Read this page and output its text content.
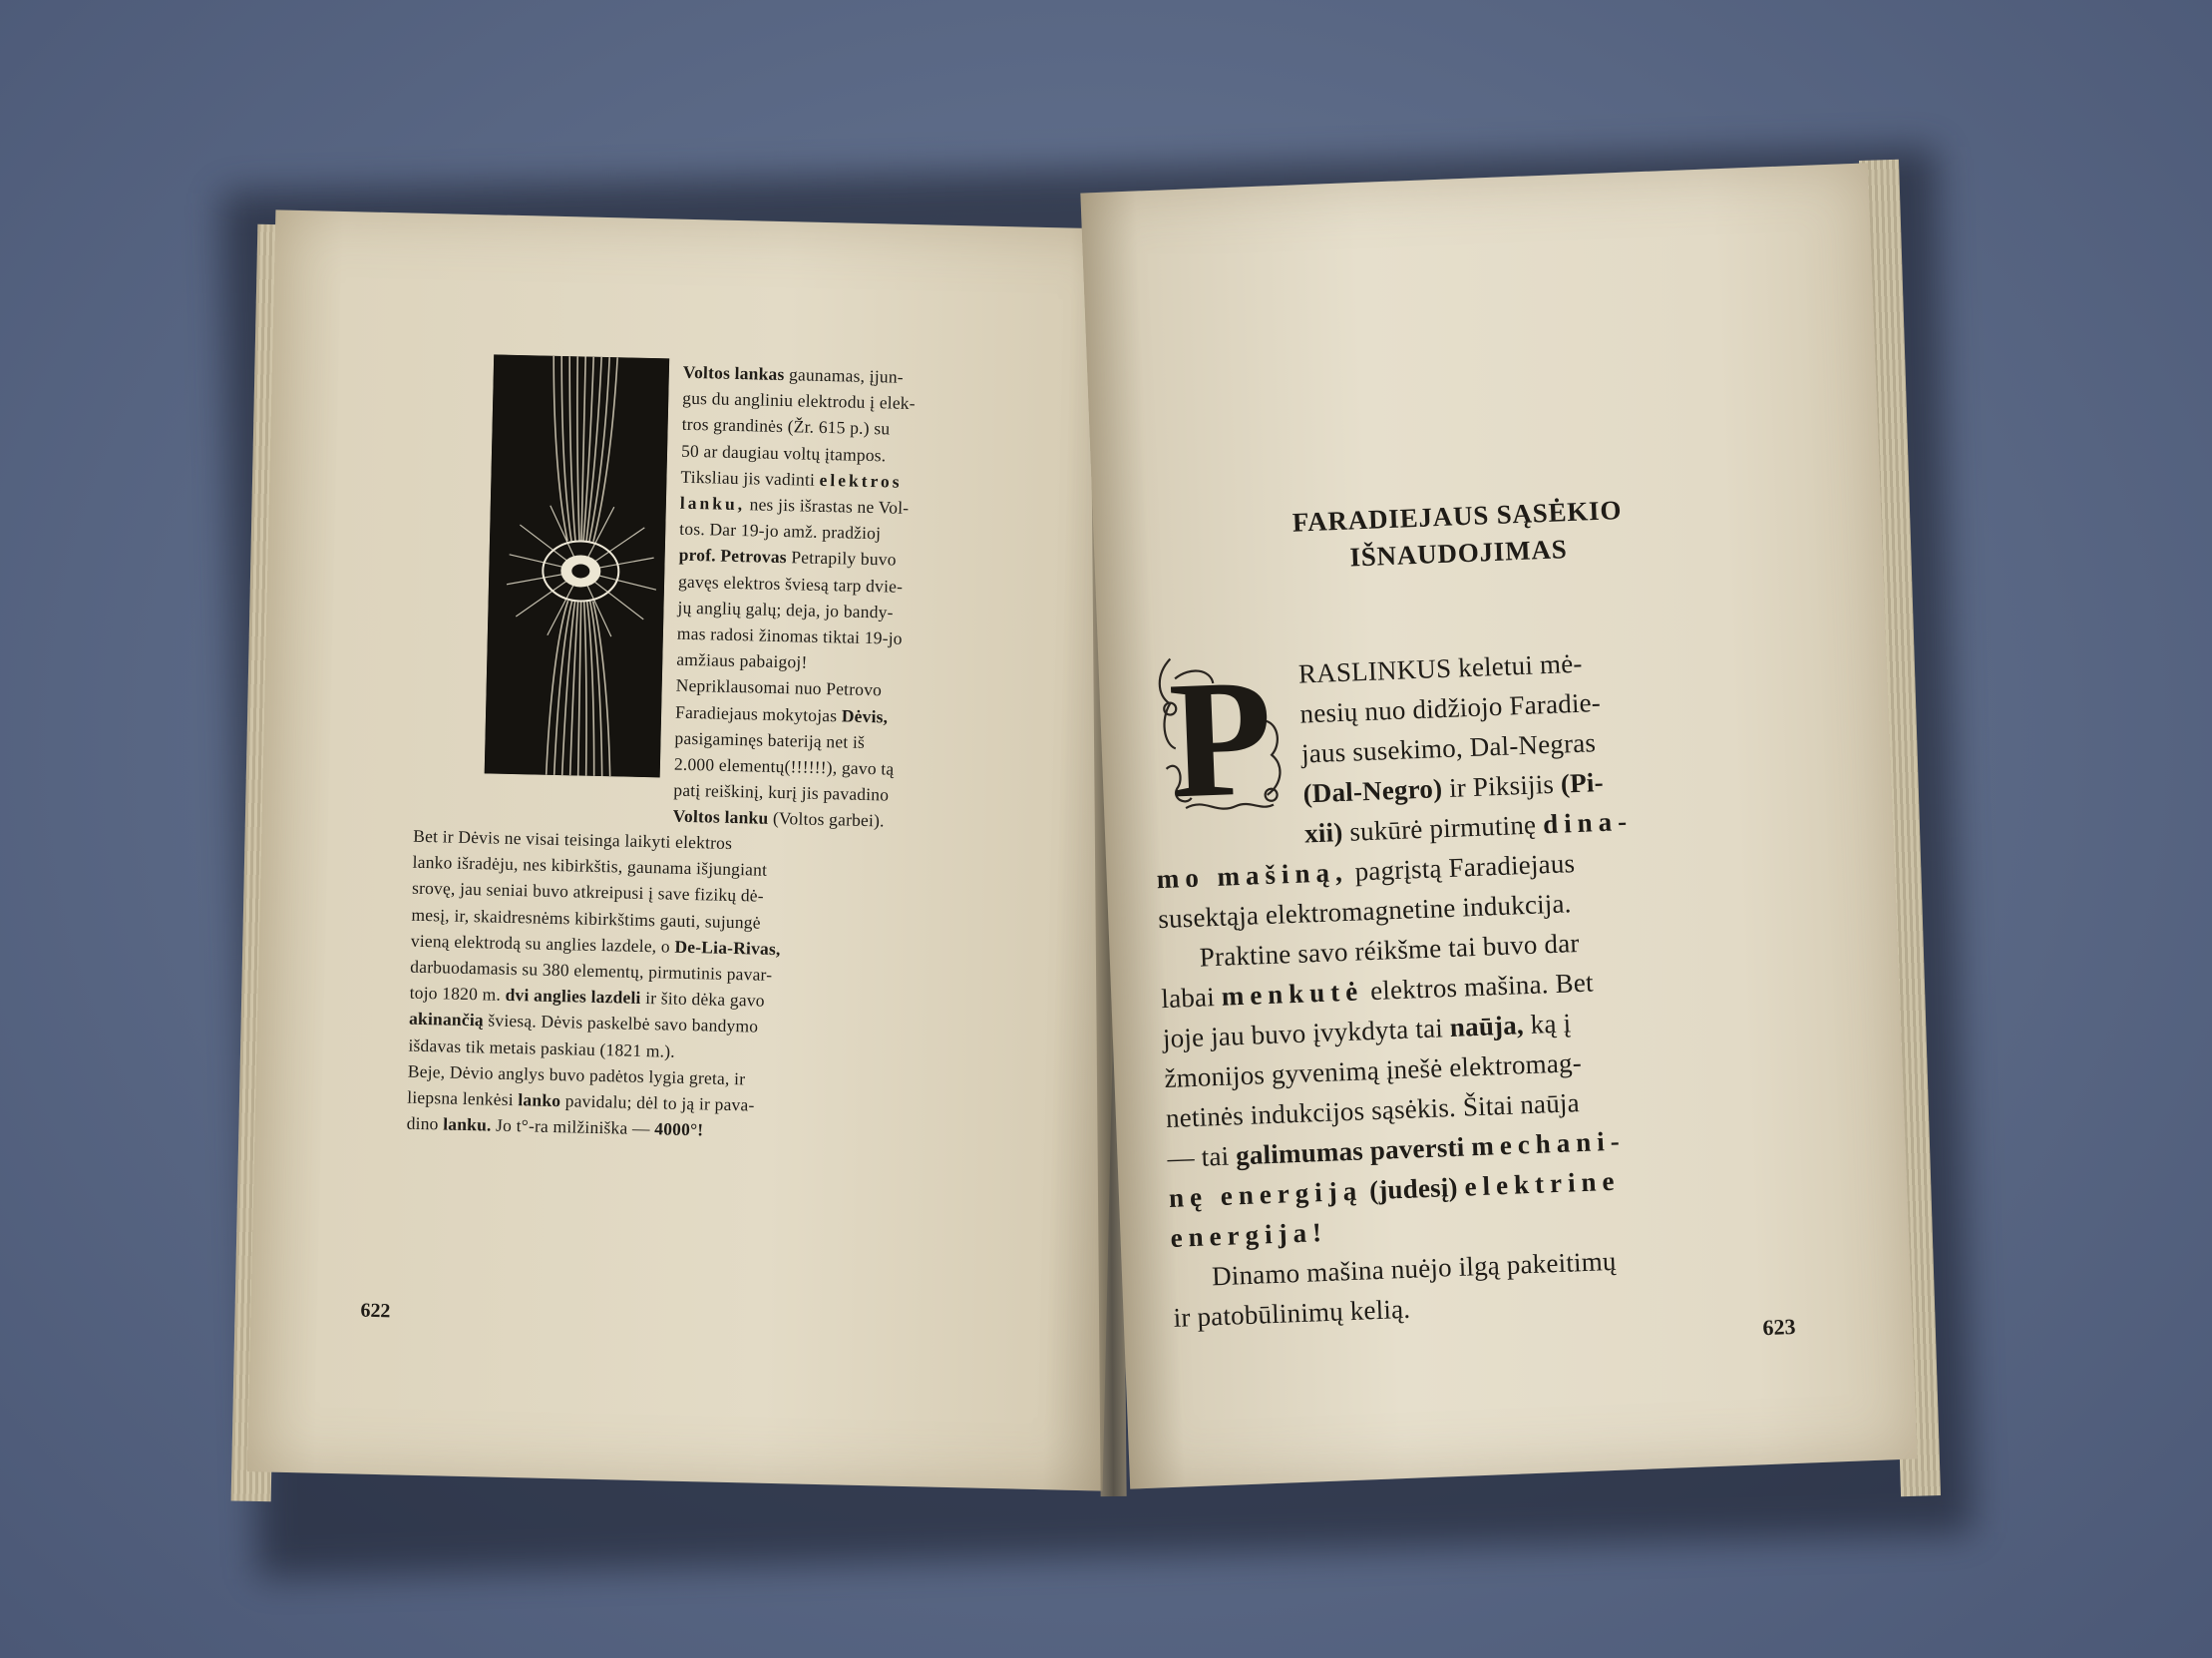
Voltos lankas gaunamas, įjun-
gus du angliniu elektrodu į elek-
tros grandinės (Žr. 615 p.) su
50 ar daugiau voltų įtampos.
Tiksliau jis vadinti elektros
lanku, nes jis išrastas ne Vol-
tos. Dar 19-jo amž. pradžioj
prof. Petrovas Petrapily buvo
gavęs elektros šviesą tarp dvie-
jų anglių galų; deja, jo bandy-
mas radosi žinomas tiktai 19-jo
amžiaus pabaigoj!
Nepriklausomai nuo Petrovo
Faradiejaus mokytojas Dėvis,
pasigaminęs bateriją net iš
2.000 elementų(!!!!!!), gavo tą
patį reiškinį, kurį jis pavadino
Voltos lanku (Voltos garbei).
Bet ir Dėvis ne visai teisinga laikyti elektros
lanko išradėju, nes kibirkštis, gaunama išjungiant
srovę, jau seniai buvo atkreipusi į save fizikų dė-
mesį, ir, skaidresnėms kibirkštims gauti, sujungė
vieną elektrodą su anglies lazdele, o De-Lia-Rivas,
darbuodamasis su 380 elementų, pirmutinis pavar-
tojo 1820 m. dvi anglies lazdeli ir šito dėka gavo
akinančią šviesą. Dėvis paskelbė savo bandymo
išdavas tik metais paskiau (1821 m.).
Beje, Dėvio anglys buvo padėtos lygia greta, ir
liepsna lenkėsi lanko pavidalu; dėl to ją ir pava-
dino lanku. Jo t°-ra milžiniška — 4000°!
622
FARADIEJAUS SĄSĖKIO
IŠNAUDOJIMAS
P RASLINKUS keletui mė-
nesių nuo didžiojo Faradie-
jaus susekimo, Dal-Negras
(Dal-Negro) ir Piksijis (Pi-
xii) sukūrė pirmutinę dina-
mo mašiną, pagrįstą Faradiejaus
susektąja elektromagnetine indukcija.
Praktine savo réikšme tai buvo dar
labai menkutė elektros mašina. Bet
joje jau buvo įvykdyta tai naūja, ką į
žmonijos gyvenimą įnešė elektromag-
netinės indukcijos sąsėkis. Šitai naūja
— tai galimumas paversti mechani-
nę energiją (judesį) elektrine
energija!
Dinamo mašina nuėjo ilgą pakeitimų
ir patobūlinimų kelią.	623
